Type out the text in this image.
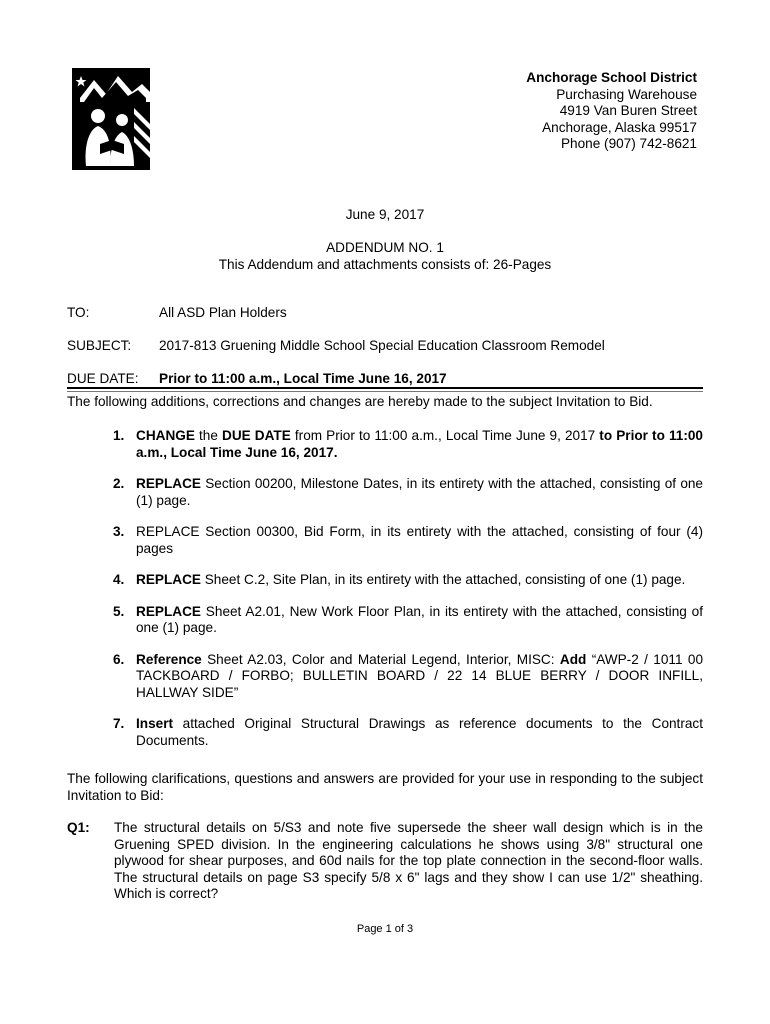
Anchorage School District
Purchasing Warehouse
4919 Van Buren Street
Anchorage, Alaska 99517
Phone (907) 742-8621
June 9, 2017
ADDENDUM NO. 1
This Addendum and attachments consists of: 26-Pages
TO:	All ASD Plan Holders
SUBJECT: 2017-813 Gruening Middle School Special Education Classroom Remodel
DUE DATE: Prior to 11:00 a.m., Local Time June 16, 2017
The following additions, corrections and changes are hereby made to the subject Invitation to Bid.
1. CHANGE the DUE DATE from Prior to 11:00 a.m., Local Time June 9, 2017 to Prior to 11:00 a.m., Local Time June 16, 2017.
2. REPLACE Section 00200, Milestone Dates, in its entirety with the attached, consisting of one (1) page.
3. REPLACE Section 00300, Bid Form, in its entirety with the attached, consisting of four (4) pages
4. REPLACE Sheet C.2, Site Plan, in its entirety with the attached, consisting of one (1) page.
5. REPLACE Sheet A2.01, New Work Floor Plan, in its entirety with the attached, consisting of one (1) page.
6. Reference Sheet A2.03, Color and Material Legend, Interior, MISC: Add “AWP-2 / 1011 00 TACKBOARD / FORBO; BULLETIN BOARD / 22 14 BLUE BERRY / DOOR INFILL, HALLWAY SIDE”
7. Insert attached Original Structural Drawings as reference documents to the Contract Documents.
The following clarifications, questions and answers are provided for your use in responding to the subject Invitation to Bid:
Q1: The structural details on 5/S3 and note five supersede the sheer wall design which is in the Gruening SPED division. In the engineering calculations he shows using 3/8" structural one plywood for shear purposes, and 60d nails for the top plate connection in the second-floor walls. The structural details on page S3 specify 5/8 x 6" lags and they show I can use 1/2" sheathing. Which is correct?
Page 1 of 3
